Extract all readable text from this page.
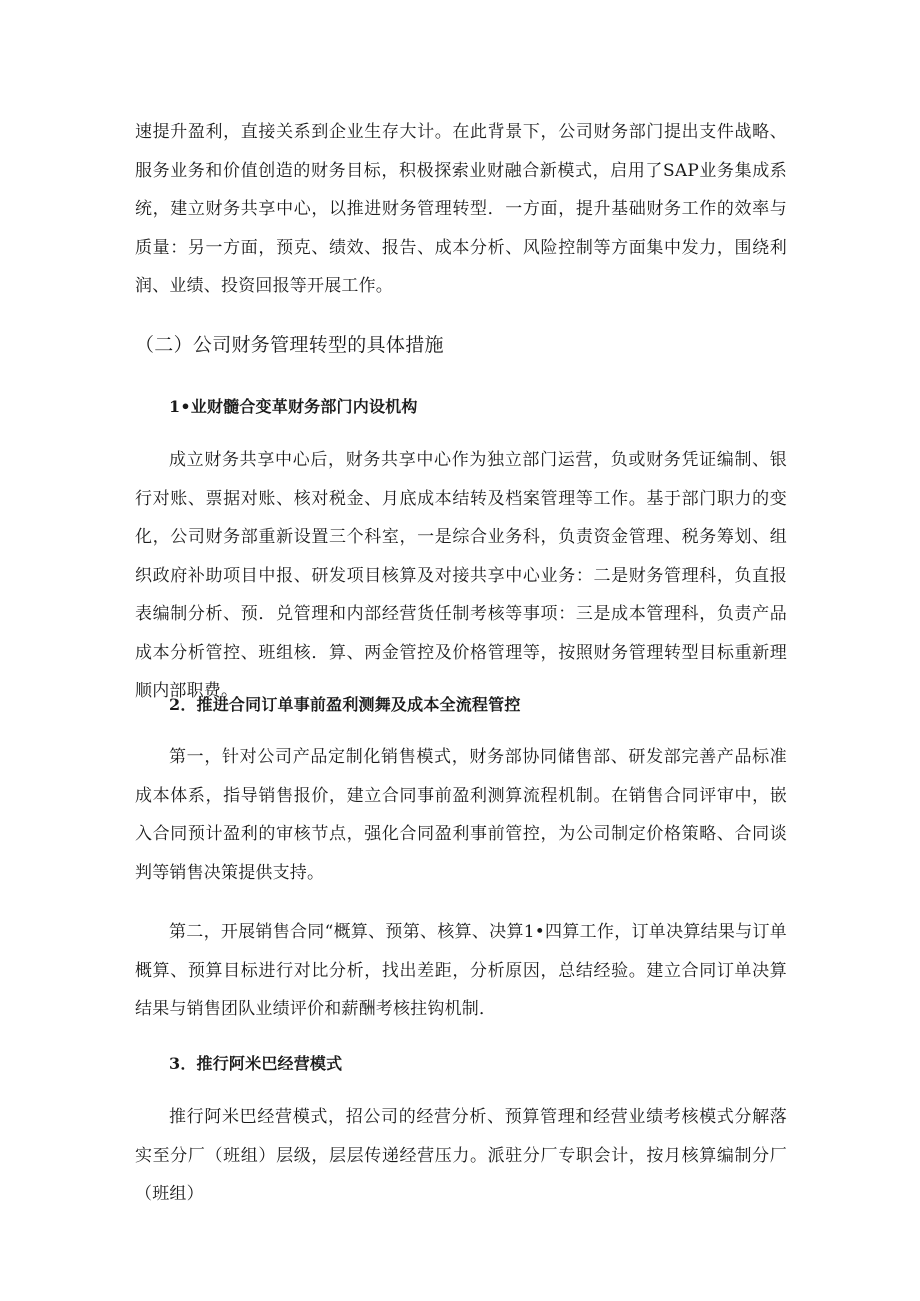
速提升盈利，直接关系到企业生存大计。在此背景下，公司财务部门提出支件战略、服务业务和价值创造的财务目标，积极探索业财融合新模式，启用了SAP业务集成系统，建立财务共享中心，以推进财务管理转型．一方面，提升基础财务工作的效率与质量：另一方面，预克、绩效、报告、成本分析、风险控制等方面集中发力，围绕利润、业绩、投资回报等开展工作。

（二）公司财务管理转型的具体措施
1•业财髓合变革财务部门内设机构

成立财务共享中心后，财务共享中心作为独立部门运营，负或财务凭证编制、银行对账、票据对账、核对税金、月底成本结转及档案管理等工作。基于部门职力的变化，公司财务部重新设置三个科室，一是综合业务科，负责资金管理、税务筹划、组织政府补助项目中报、研发项目核算及对接共享中心业务：二是财务管理科，负直报表编制分析、预．兑管理和内部经营货任制考核等事项：三是成本管理科，负责产品成本分析管控、班组核．算、两金管控及价格管理等，按照财务管理转型目标重新理顺内部职费。

2．推进合同订单事前盈利测舞及成本全流程管控

第一，针对公司产品定制化销售模式，财务部协同储售部、研发部完善产品标准成本体系，指导销售报价，建立合同事前盈利测算流程机制。在销售合同评审中，嵌入合同预计盈利的审核节点，强化合同盈利事前管控，为公司制定价格策略、合同谈判等销售决策提供支持。

第二，开展销售合同“概算、预第、核算、决算1•四算工作，订单决算结果与订单概算、预算目标进行对比分析，找出差距，分析原因，总结经验。建立合同订单决算结果与销售团队业绩评价和薪酬考核拄钩机制．

3．推行阿米巴经营模式

推行阿米巴经营模式，招公司的经营分析、预算管理和经营业绩考核模式分解落实至分厂（班组）层级，层层传递经营压力。派驻分厂专职会计，按月核算编制分厂（班组）
